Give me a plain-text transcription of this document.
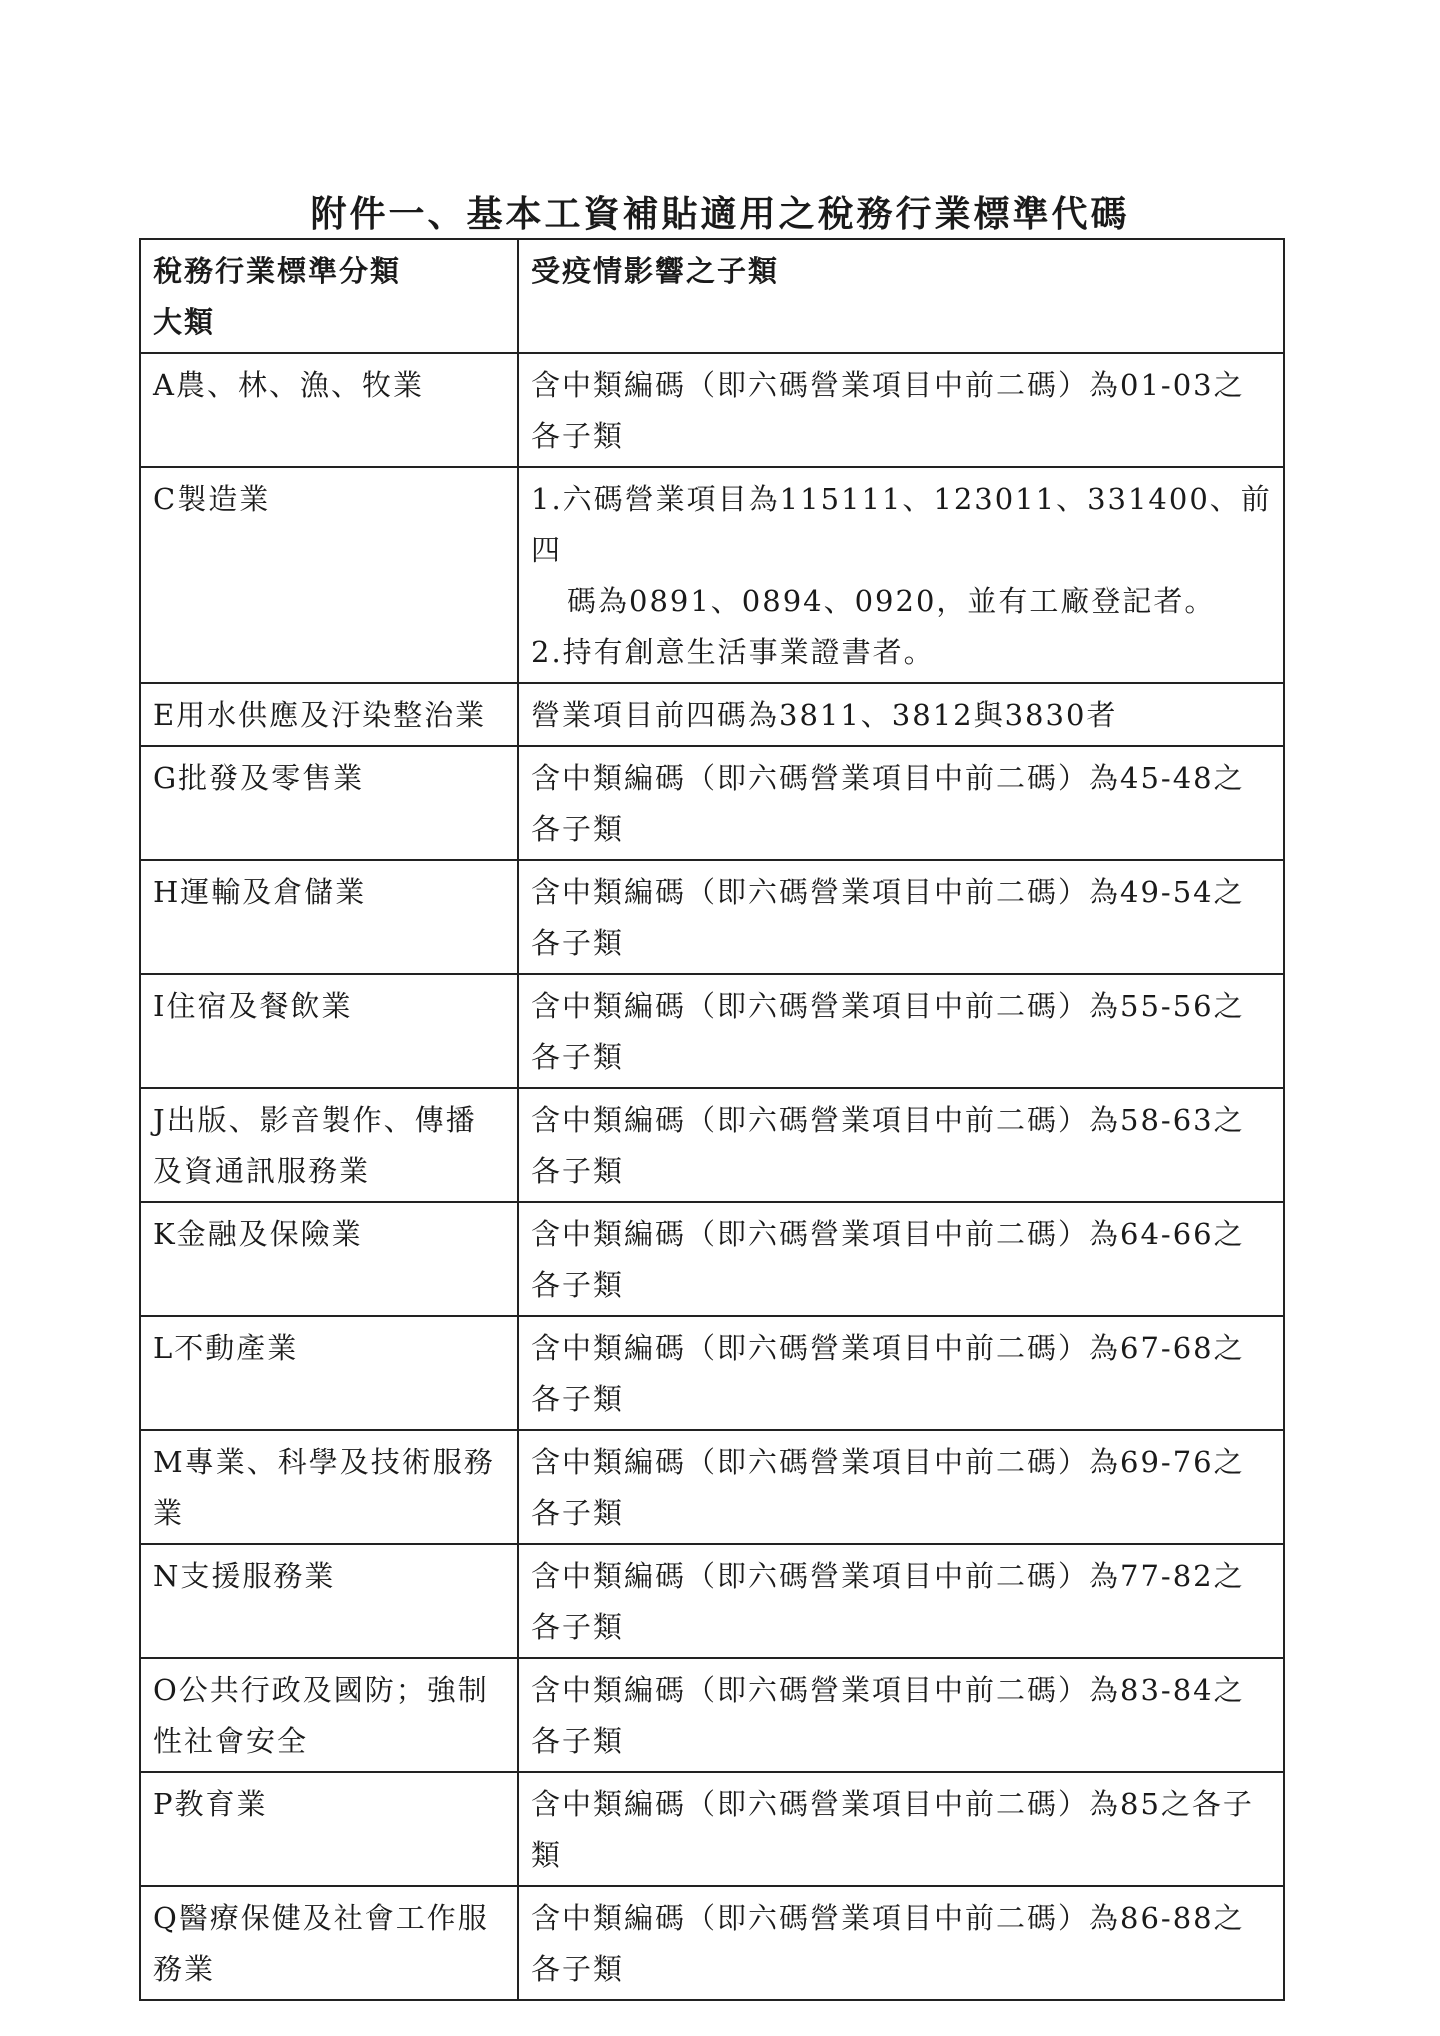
附件一、基本工資補貼適用之稅務行業標準代碼
稅務行業標準分類
大類	受疫情影響之子類
A農、林、漁、牧業	含中類編碼（即六碼營業項目中前二碼）為01-03之各子類
C製造業	1.六碼營業項目為115111、123011、331400、前四
碼為0891、0894、0920，並有工廠登記者。
2.持有創意生活事業證書者。

E用水供應及汙染整治業	營業項目前四碼為3811、3812與3830者
G批發及零售業	含中類編碼（即六碼營業項目中前二碼）為45-48之各子類
H運輸及倉儲業	含中類編碼（即六碼營業項目中前二碼）為49-54之各子類
I住宿及餐飲業	含中類編碼（即六碼營業項目中前二碼）為55-56之各子類
J出版、影音製作、傳播及資通訊服務業	含中類編碼（即六碼營業項目中前二碼）為58-63之各子類
K金融及保險業	含中類編碼（即六碼營業項目中前二碼）為64-66之各子類
L不動產業	含中類編碼（即六碼營業項目中前二碼）為67-68之各子類
M專業、科學及技術服務業	含中類編碼（即六碼營業項目中前二碼）為69-76之各子類
N支援服務業	含中類編碼（即六碼營業項目中前二碼）為77-82之各子類
O公共行政及國防；強制性社會安全	含中類編碼（即六碼營業項目中前二碼）為83-84之各子類
P教育業	含中類編碼（即六碼營業項目中前二碼）為85之各子類
Q醫療保健及社會工作服務業	含中類編碼（即六碼營業項目中前二碼）為86-88之各子類
